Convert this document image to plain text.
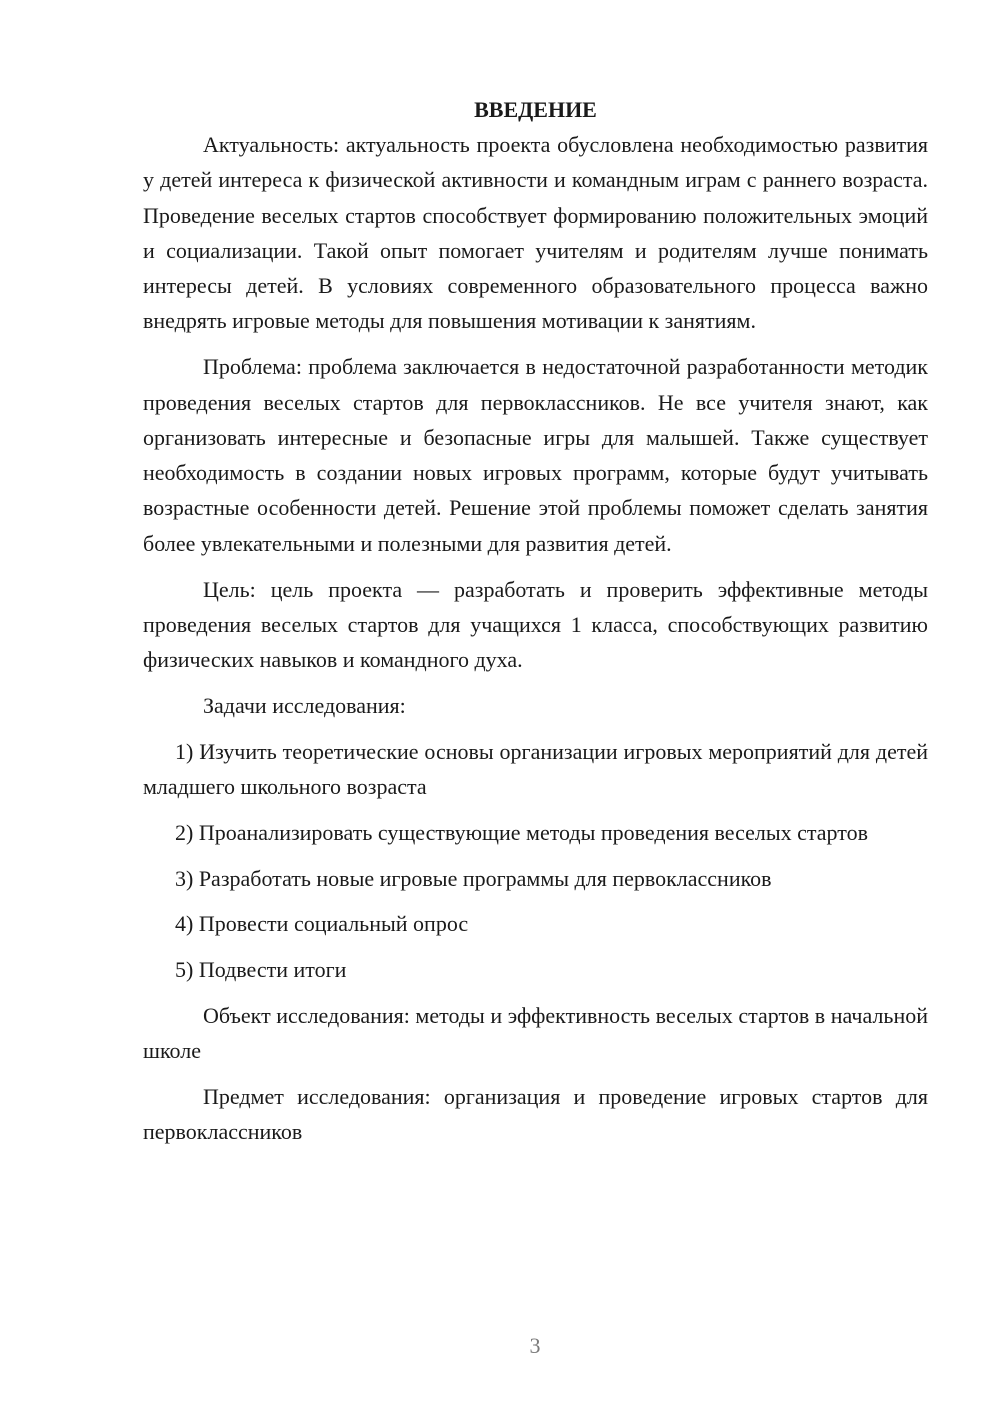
ВВЕДЕНИЕ

Актуальность: актуальность проекта обусловлена необходимостью развития у детей интереса к физической активности и командным играм с раннего возраста. Проведение веселых стартов способствует формированию положительных эмоций и социализации. Такой опыт помогает учителям и родителям лучше понимать интересы детей. В условиях современного образовательного процесса важно внедрять игровые методы для повышения мотивации к занятиям.

Проблема: проблема заключается в недостаточной разработанности методик проведения веселых стартов для первоклассников. Не все учителя знают, как организовать интересные и безопасные игры для малышей. Также существует необходимость в создании новых игровых программ, которые будут учитывать возрастные особенности детей. Решение этой проблемы поможет сделать занятия более увлекательными и полезными для развития детей.

Цель: цель проекта — разработать и проверить эффективные методы проведения веселых стартов для учащихся 1 класса, способствующих развитию физических навыков и командного духа.

Задачи исследования:

1) Изучить теоретические основы организации игровых мероприятий для детей младшего школьного возраста

2) Проанализировать существующие методы проведения веселых стартов

3) Разработать новые игровые программы для первоклассников

4) Провести социальный опрос

5) Подвести итоги

Объект исследования: методы и эффективность веселых стартов в начальной школе

Предмет исследования: организация и проведение игровых стартов для первоклассников

3
